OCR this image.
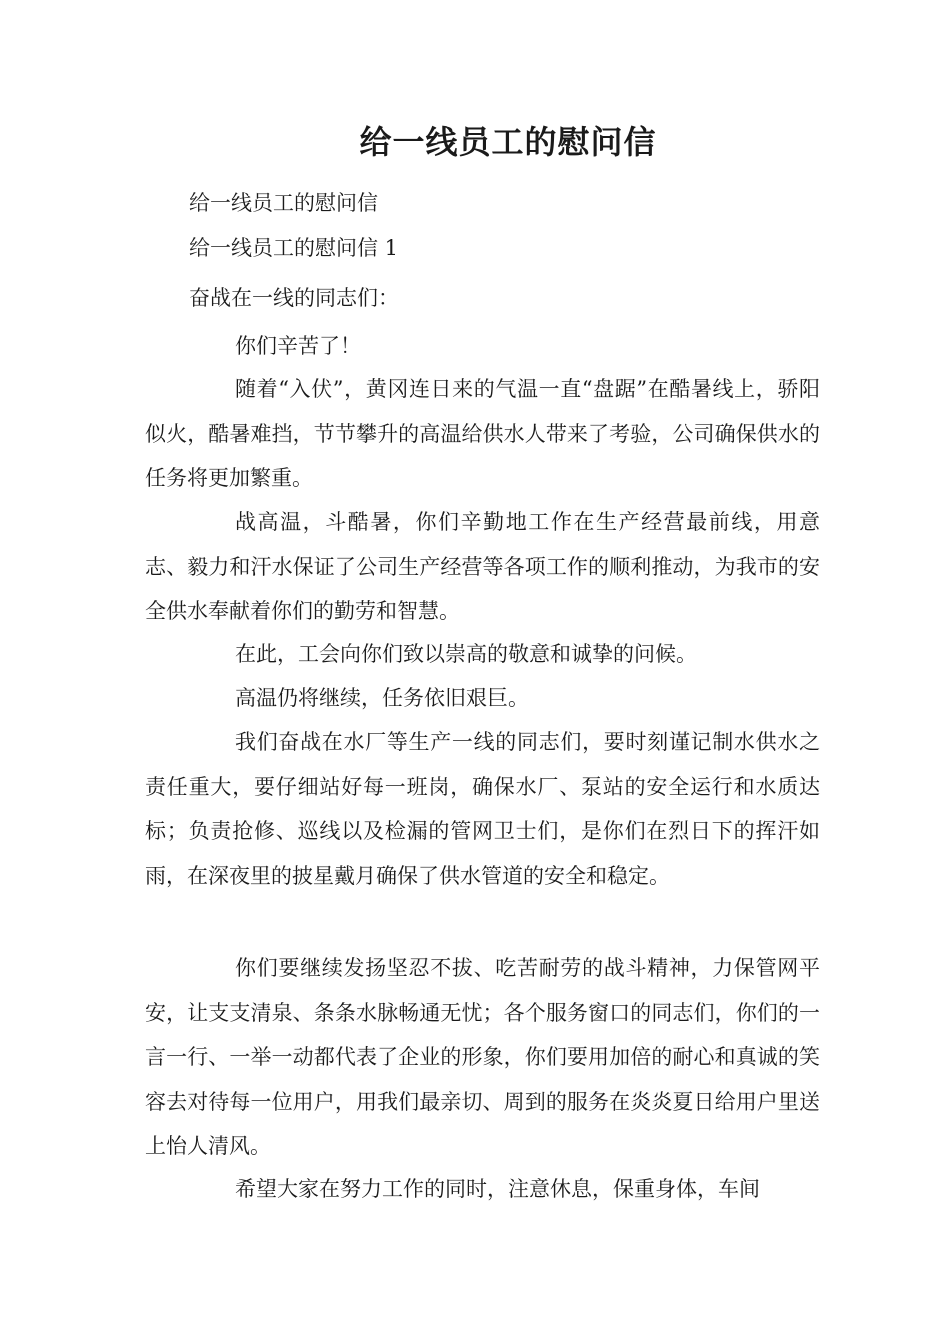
给一线员工的慰问信

给一线员工的慰问信

给一线员工的慰问信 1

奋战在一线的同志们：

你们辛苦了！

随着“入伏”，黄冈连日来的气温一直“盘踞”在酷暑线上，骄阳似火，酷暑难挡，节节攀升的高温给供水人带来了考验，公司确保供水的任务将更加繁重。

战高温，斗酷暑，你们辛勤地工作在生产经营最前线，用意志、毅力和汗水保证了公司生产经营等各项工作的顺利推动，为我市的安全供水奉献着你们的勤劳和智慧。

在此，工会向你们致以崇高的敬意和诚挚的问候。

高温仍将继续，任务依旧艰巨。

我们奋战在水厂等生产一线的同志们，要时刻谨记制水供水之责任重大，要仔细站好每一班岗，确保水厂、泵站的安全运行和水质达标；负责抢修、巡线以及检漏的管网卫士们，是你们在烈日下的挥汗如雨，在深夜里的披星戴月确保了供水管道的安全和稳定。

你们要继续发扬坚忍不拔、吃苦耐劳的战斗精神，力保管网平安，让支支清泉、条条水脉畅通无忧；各个服务窗口的同志们，你们的一言一行、一举一动都代表了企业的形象，你们要用加倍的耐心和真诚的笑容去对待每一位用户，用我们最亲切、周到的服务在炎炎夏日给用户里送上怡人清风。

希望大家在努力工作的同时，注意休息，保重身体，车间
